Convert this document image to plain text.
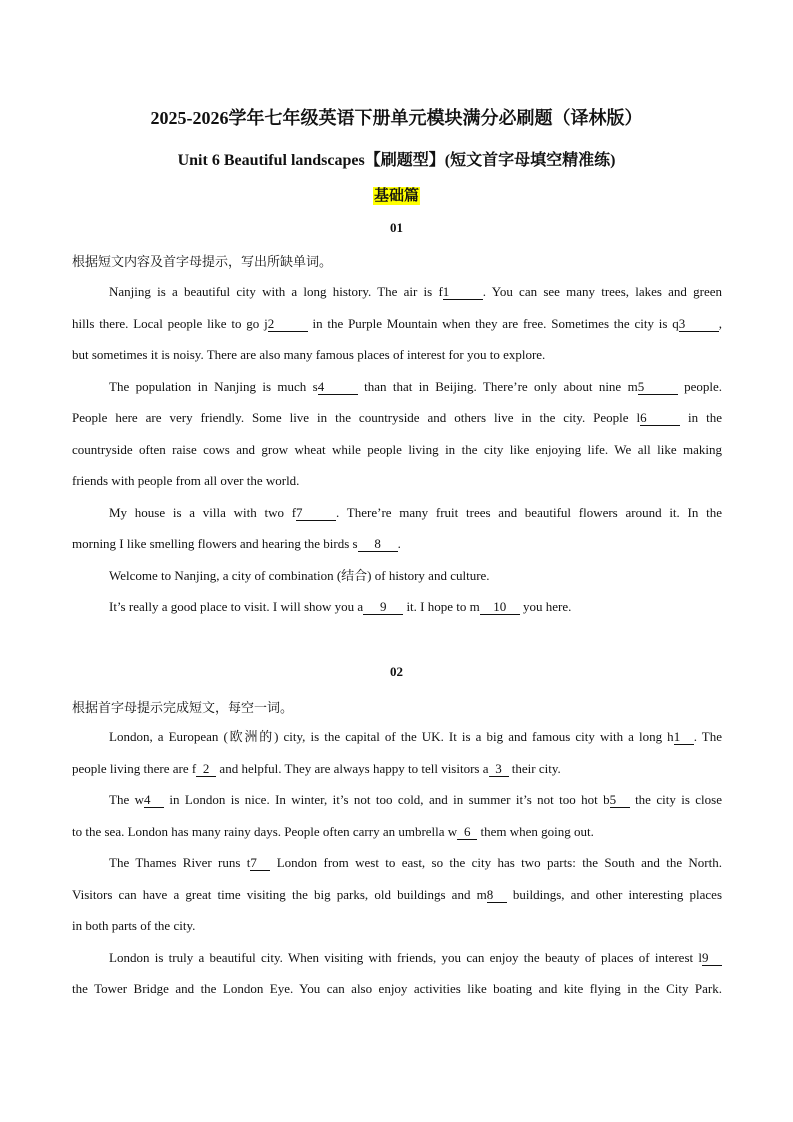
2025-2026学年七年级英语下册单元模块满分必刷题（译林版）
Unit 6 Beautiful landscapes【刷题型】(短文首字母填空精准练)
基础篇
01
根据短文内容及首字母提示，写出所缺单词。
Nanjing is a beautiful city with a long history. The air is f1	. You can see many trees, lakes and green
hills there. Local people like to go j2	in the Purple Mountain when they are free. Sometimes the city is q3	,
but sometimes it is noisy. There are also many famous places of interest for you to explore.
The population in Nanjing is much s4	than that in Beijing. There’re only about nine m5	people.
People here are very friendly. Some live in the countryside and others live in the city. People l6	in the
countryside often raise cows and grow wheat while people living in the city like enjoying life. We all like making
friends with people from all over the world.
My house is a villa with two f7	. There’re many fruit trees and beautiful flowers around it. In the
morning I like smelling flowers and hearing the birds s 8 .
Welcome to Nanjing, a city of combination (结合) of history and culture.
It’s really a good place to visit. I will show you a 9 it. I hope to m 10 you here.
02
根据首字母提示完成短文，每空一词。
London, a European (欧洲的) city, is the capital of the UK. It is a big and famous city with a long h1 . The
people living there are f 2 and helpful. They are always happy to tell visitors a 3 their city.
The w4 in London is nice. In winter, it’s not too cold, and in summer it’s not too hot b5 the city is close
to the sea. London has many rainy days. People often carry an umbrella w 6 them when going out.
The Thames River runs t7 London from west to east, so the city has two parts: the South and the North.
Visitors can have a great time visiting the big parks, old buildings and m8 buildings, and other interesting places
in both parts of the city.
London is truly a beautiful city. When visiting with friends, you can enjoy the beauty of places of interest l9
the Tower Bridge and the London Eye. You can also enjoy activities like boating and kite flying in the City Park.
